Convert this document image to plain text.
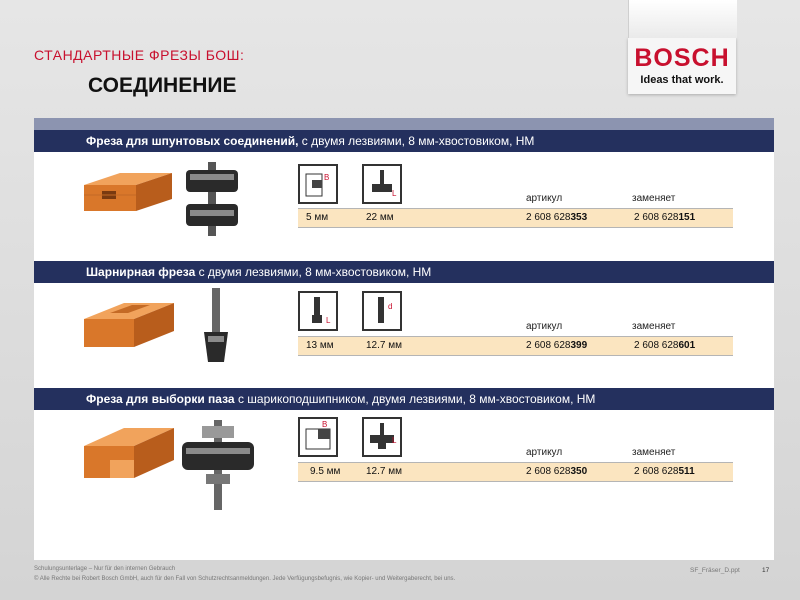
СТАНДАРТНЫЕ ФРЕЗЫ БОШ:
СОЕДИНЕНИЕ
BOSCH
Ideas that work.
Фреза для шпунтовых соединений, с двумя лезвиями, 8 мм-хвостовиком, НМ
B
L	артикул	заменяет
5 мм	22 мм	2 608 628353	2 608 628151
Шарнирная фреза с двумя лезвиями, 8 мм-хвостовиком, НМ
L
d
артикул	заменяет
13 мм	12.7 мм	2 608 628399	2 608 628601
Фреза для выборки паза с шарикоподшипником, двумя лезвиями, 8 мм-хвостовиком, НМ
B
L
артикул	заменяет
9.5 мм	12.7 мм	2 608 628350	2 608 628511
Schulungsunterlage – Nur für den internen Gebrauch
© Alle Rechte bei Robert Bosch GmbH, auch für den Fall von Schutzrechtsanmeldungen. Jede Verfügungsbefugnis, wie Kopier- und Weitergaberecht, bei uns.
SF_Fräser_D.ppt	17
